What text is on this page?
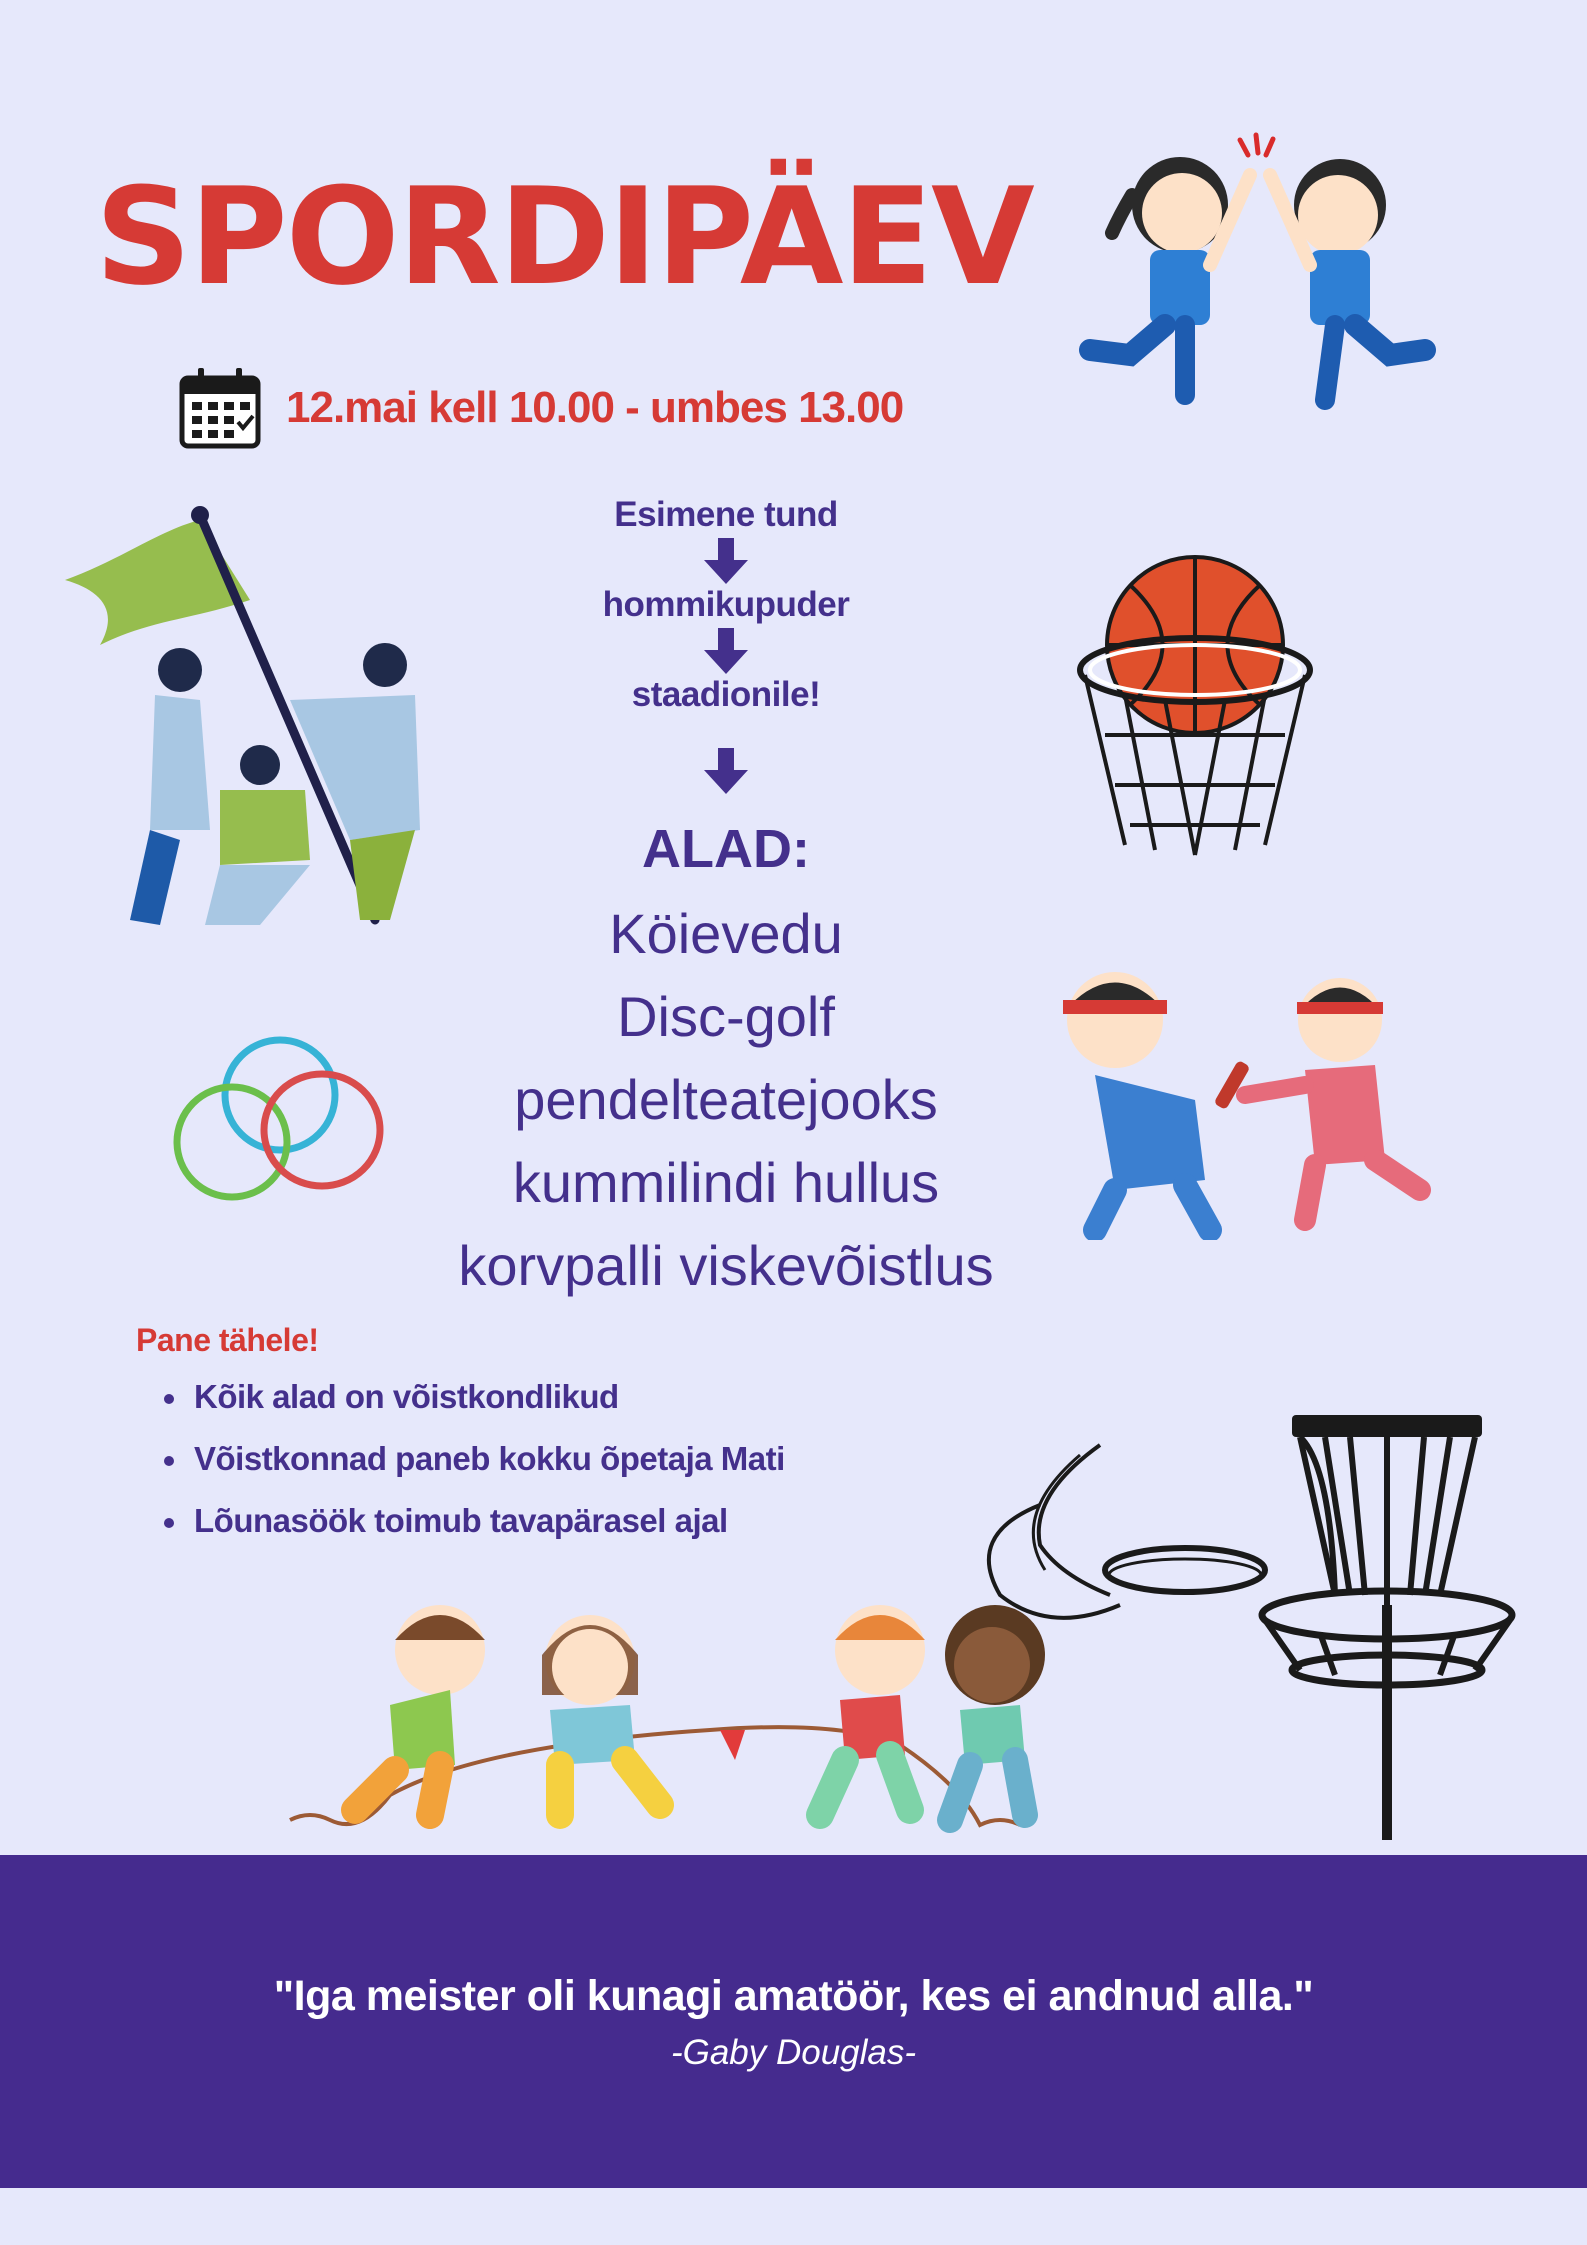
SPORDIPÄEV
12.mai kell 10.00 - umbes 13.00
Esimene tund
hommikupuder
staadionile!
ALAD:
Köievedu
Disc-golf
pendelteatejooks
kummilindi hullus
korvpalli viskevõistlus
Pane tähele!
Kõik alad on võistkondlikud
Võistkonnad paneb kokku õpetaja Mati
Lõunasöök toimub tavapärasel ajal
"Iga meister oli kunagi amatöör, kes ei andnud alla."
-Gaby Douglas-
